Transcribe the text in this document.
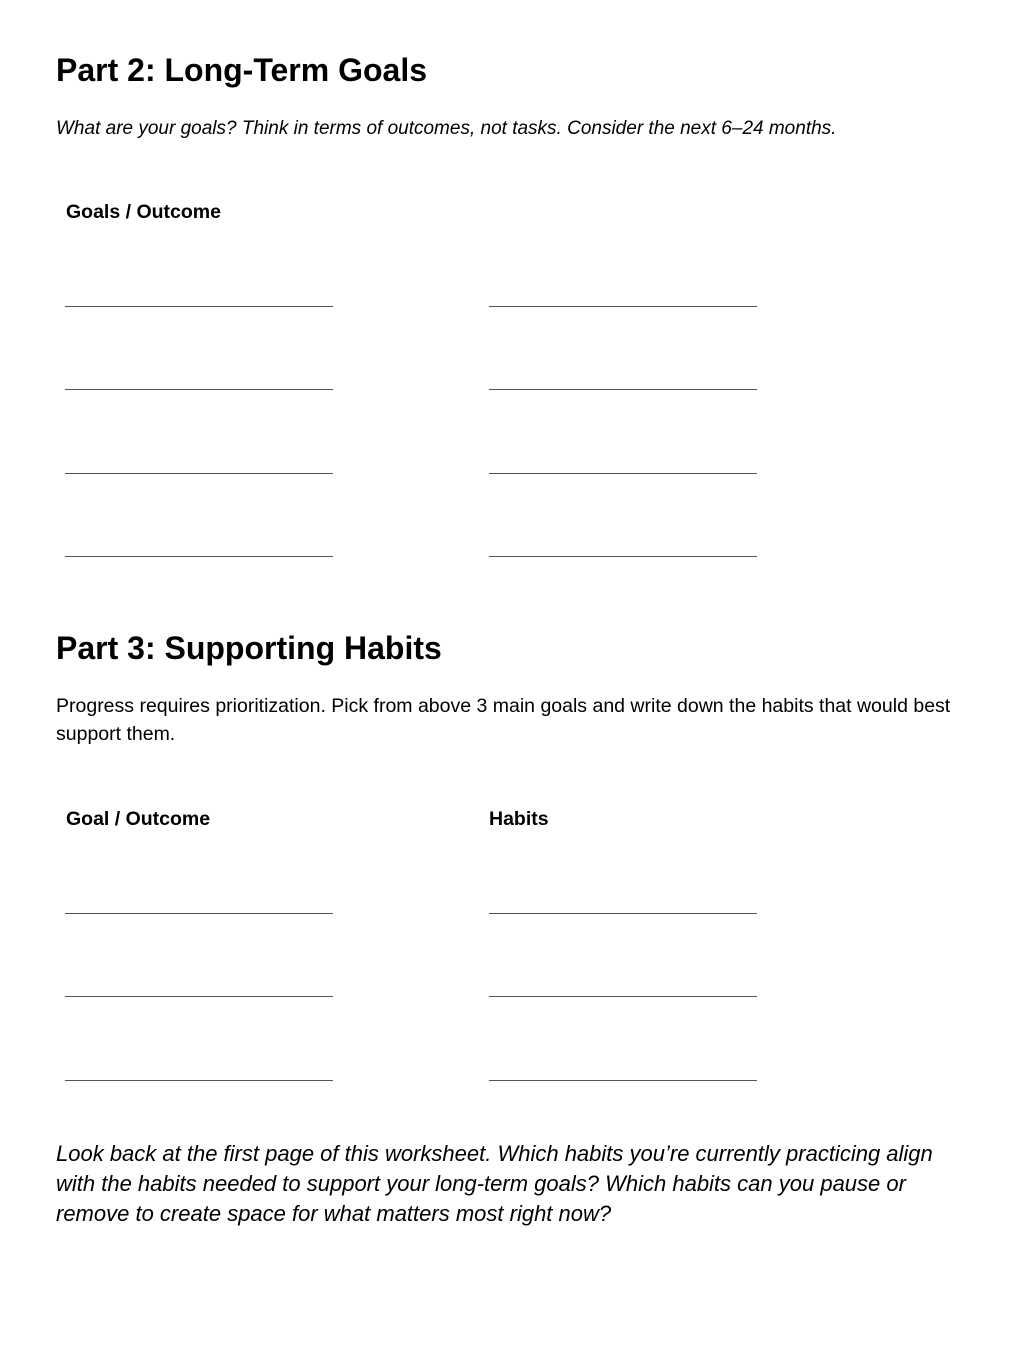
Part 2: Long-Term Goals
What are your goals? Think in terms of outcomes, not tasks. Consider the next 6–24 months.
Goals / Outcome
Part 3: Supporting Habits
Progress requires prioritization. Pick from above 3 main goals and write down the habits that would best support them.
Goal / Outcome	Habits
Look back at the first page of this worksheet. Which habits you’re currently practicing align with the habits needed to support your long-term goals? Which habits can you pause or remove to create space for what matters most right now?
